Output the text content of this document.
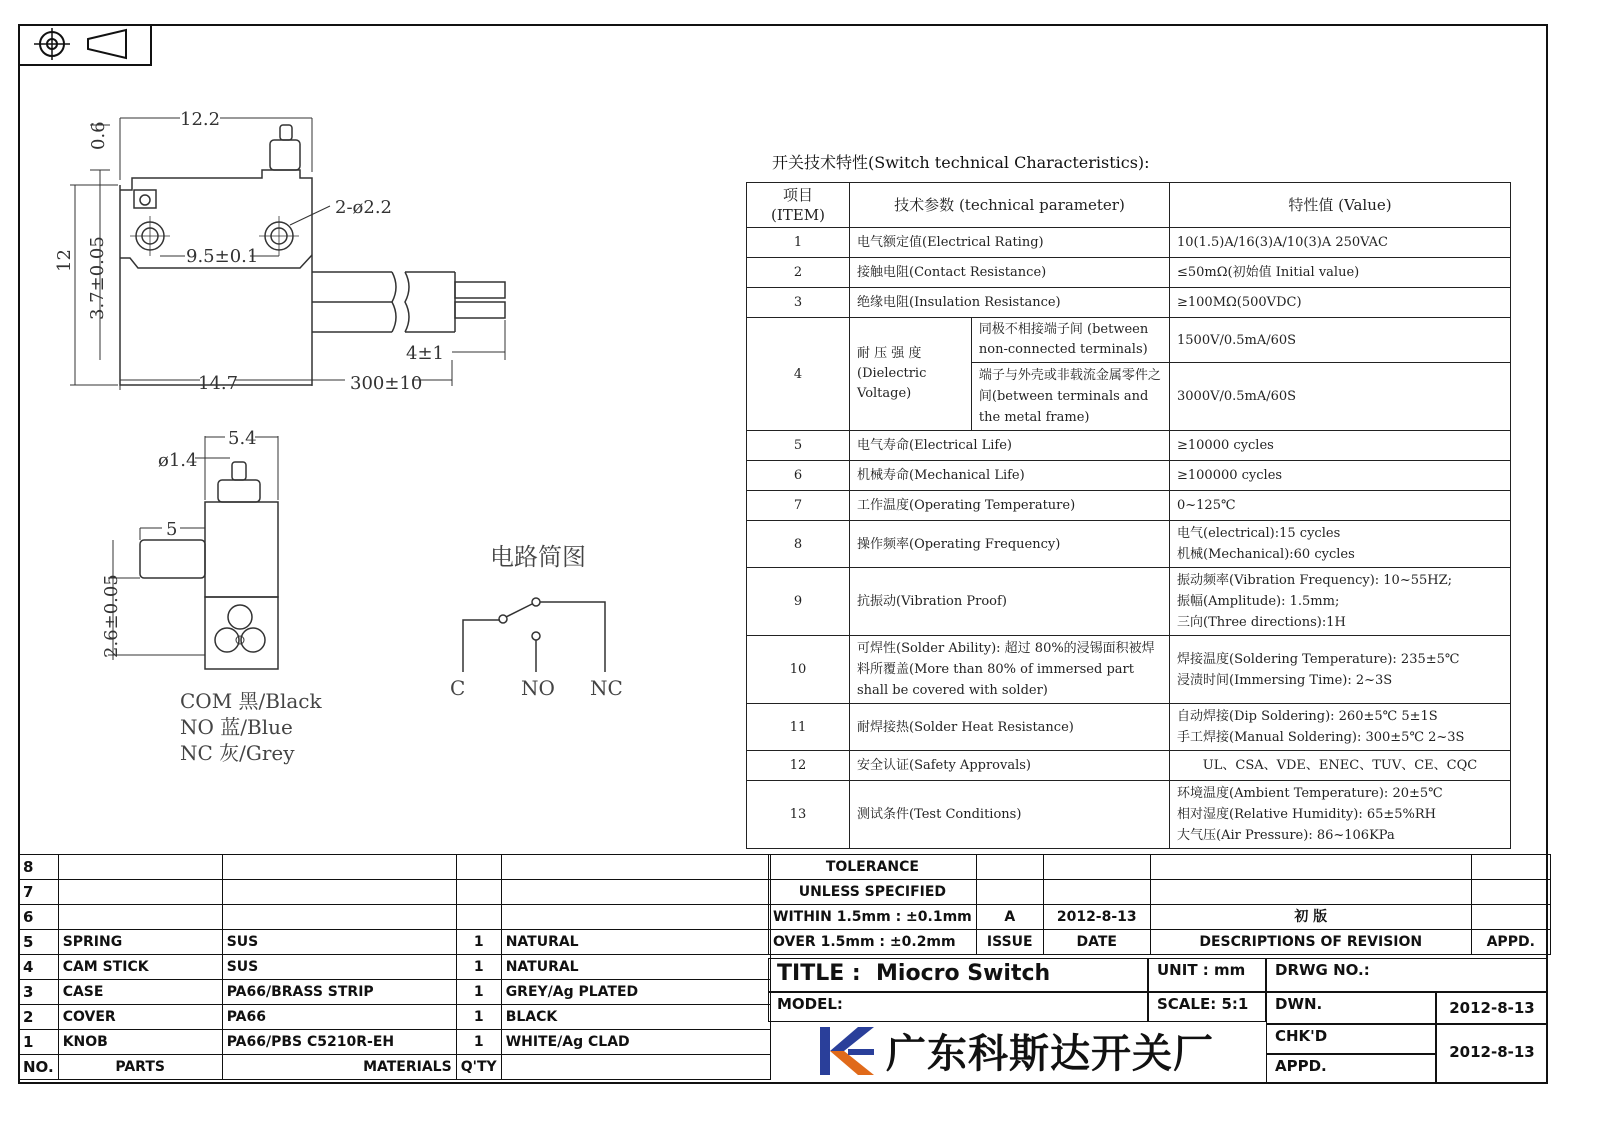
12.2
0.6
2-ø2.2
9.5±0.1
12 3.7±0.05
14.7	300±10
4±1
5.4
ø1.4
5
2.6±0.05
COM 黑/Black
NO 蓝/Blue
NC 灰/Grey
电路简图
C	NO NC
开关技术特性(Switch technical Characteristics):
项目
(ITEM)	技术参数 (technical parameter)		特性值 (Value)
1	电气额定值(Electrical Rating)		10(1.5)A/16(3)A/10(3)A 250VAC
2	接触电阻(Contact Resistance)		≤50mΩ(初始值 Initial value)
3	绝缘电阻(Insulation Resistance)		≥100MΩ(500VDC)
4	耐 压 强 度 (Dielectric Voltage)	同极不相接端子间 (between non-connected terminals)	1500V/0.5mA/60S
		端子与外壳或非载流金属零件之间(between terminals and the metal frame)	3000V/0.5mA/60S
5	电气寿命(Electrical Life)		≥10000 cycles
6	机械寿命(Mechanical Life)		≥100000 cycles
7	工作温度(Operating Temperature)		0~125℃
8	操作频率(Operating Frequency)		电气(electrical):15 cycles
机械(Mechanical):60 cycles
9	抗振动(Vibration Proof)		振动频率(Vibration Frequency): 10~55HZ;
振幅(Amplitude): 1.5mm;
三向(Three directions):1H
10	可焊性(Solder Ability): 超过 80%的浸锡面积被焊料所覆盖(More than 80% of immersed part shall be covered with solder)		焊接温度(Soldering Temperature): 235±5℃
浸渍时间(Immersing Time): 2~3S
11	耐焊接热(Solder Heat Resistance)		自动焊接(Dip Soldering): 260±5℃ 5±1S
手工焊接(Manual Soldering): 300±5℃ 2~3S
12	安全认证(Safety Approvals)		UL、CSA、VDE、ENEC、TUV、CE、CQC
13	测试条件(Test Conditions)		环境温度(Ambient Temperature): 20±5℃
相对湿度(Relative Humidity): 65±5%RH
大气压(Air Pressure): 86~106KPa
8				
7				
6				
5	SPRING	SUS	1	NATURAL
4	CAM STICK	SUS	1	NATURAL
3	CASE	PA66/BRASS STRIP	1	GREY/Ag PLATED
2	COVER	PA66	1	BLACK
1	KNOB	PA66/PBS C5210R-EH	1	WHITE/Ag CLAD
NO.	PARTS	MATERIALS	Q'TY	
TOLERANCE				
UNLESS SPECIFIED				
WITHIN 1.5mm : ±0.1mm	A	2012-8-13	初 版	
OVER 1.5mm : ±0.2mm	ISSUE	DATE	DESCRIPTIONS OF REVISION	APPD.
TITLE : Miocro Switch	UNIT : mm	DRWG NO.:
MODEL:	SCALE: 5:1	DWN.	2012-8-13
CHK'D
2012-8-13
APPD.
广东科斯达开关厂
